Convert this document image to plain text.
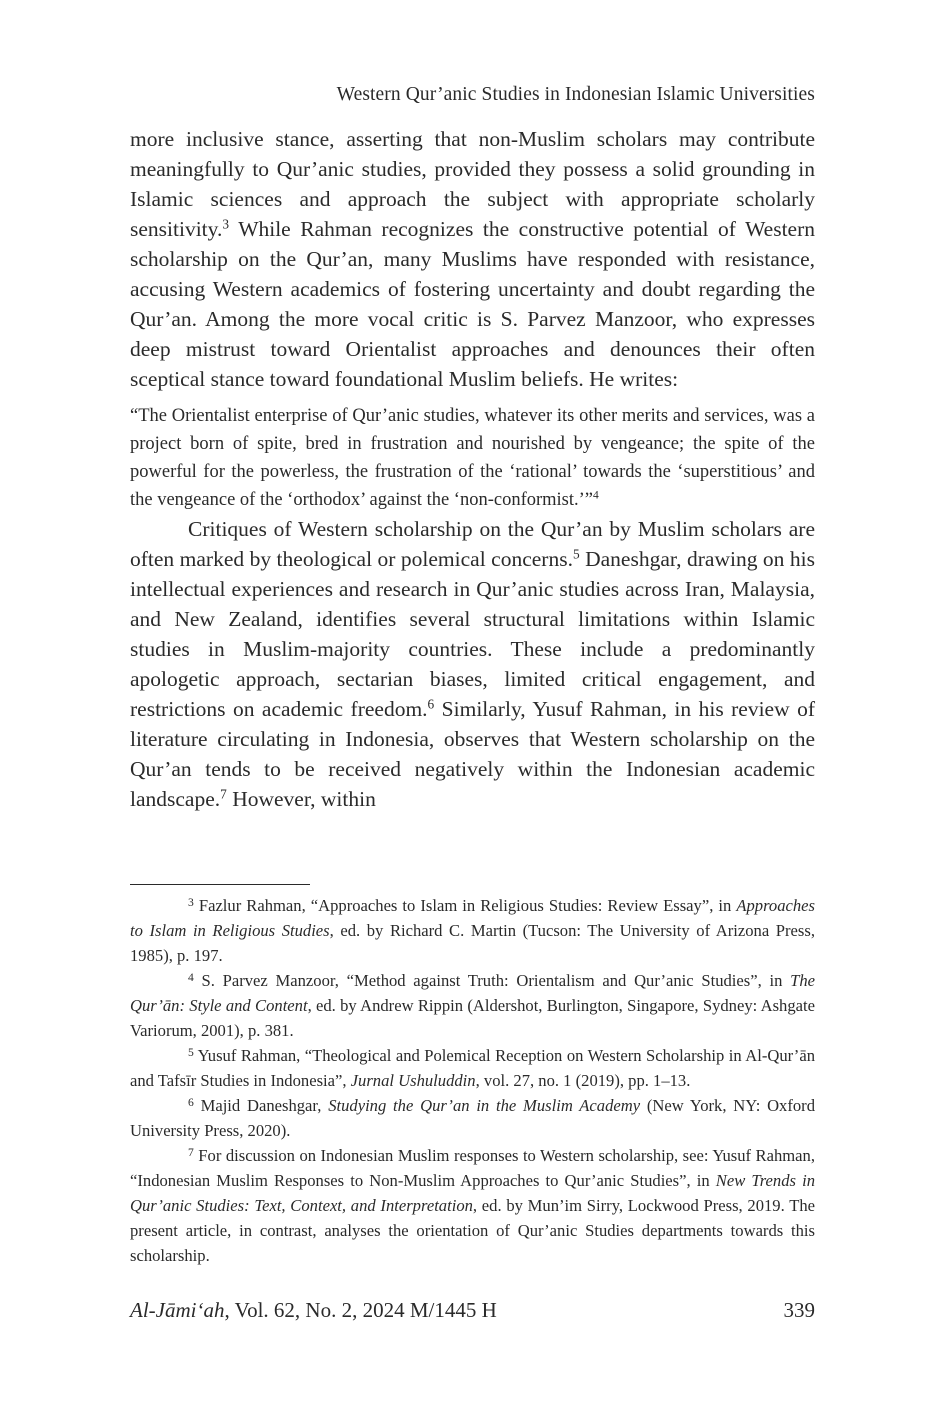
Western Qur’anic Studies in Indonesian Islamic Universities

more inclusive stance, asserting that non-Muslim scholars may contribute meaningfully to Qur’anic studies, provided they possess a solid grounding in Islamic sciences and approach the subject with appropriate scholarly sensitivity.$^3$ While Rahman recognizes the constructive potential of Western scholarship on the Qur’an, many Muslims have responded with resistance, accusing Western academics of fostering uncertainty and doubt regarding the Qur’an. Among the more vocal critic is S. Parvez Manzoor, who expresses deep mistrust toward Orientalist approaches and denounces their often sceptical stance toward foundational Muslim beliefs. He writes:

“The Orientalist enterprise of Qur’anic studies, whatever its other merits and services, was a project born of spite, bred in frustration and nourished by vengeance; the spite of the powerful for the powerless, the frustration of the ‘rational’ towards the ‘superstitious’ and the vengeance of the ‘orthodox’ against the ‘non-conformist.’”$^4$

Critiques of Western scholarship on the Qur’an by Muslim scholars are often marked by theological or polemical concerns.$^5$ Daneshgar, drawing on his intellectual experiences and research in Qur’anic studies across Iran, Malaysia, and New Zealand, identifies several structural limitations within Islamic studies in Muslim-majority countries. These include a predominantly apologetic approach, sectarian biases, limited critical engagement, and restrictions on academic freedom.$^6$ Similarly, Yusuf Rahman, in his review of literature circulating in Indonesia, observes that Western scholarship on the Qur’an tends to be received negatively within the Indonesian academic landscape.$^7$ However, within

$^3$ Fazlur Rahman, “Approaches to Islam in Religious Studies: Review Essay”, in Approaches to Islam in Religious Studies, ed. by Richard C. Martin (Tucson: The University of Arizona Press, 1985), p. 197.

$^4$ S. Parvez Manzoor, “Method against Truth: Orientalism and Qur’anic Studies”, in The Qur’ān: Style and Content, ed. by Andrew Rippin (Aldershot, Burlington, Singapore, Sydney: Ashgate Variorum, 2001), p. 381.

$^5$ Yusuf Rahman, “Theological and Polemical Reception on Western Scholarship in Al-Qur’ān and Tafsīr Studies in Indonesia”, Jurnal Ushuluddin, vol. 27, no. 1 (2019), pp. 1–13.

$^6$ Majid Daneshgar, Studying the Qur’an in the Muslim Academy (New York, NY: Oxford University Press, 2020).

$^7$ For discussion on Indonesian Muslim responses to Western scholarship, see: Yusuf Rahman, “Indonesian Muslim Responses to Non-Muslim Approaches to Qur’anic Studies”, in New Trends in Qur’anic Studies: Text, Context, and Interpretation, ed. by Mun’im Sirry, Lockwood Press, 2019. The present article, in contrast, analyses the orientation of Qur’anic Studies departments towards this scholarship.

Al-Jāmi‘ah, Vol. 62, No. 2, 2024 M/1445 H	339
